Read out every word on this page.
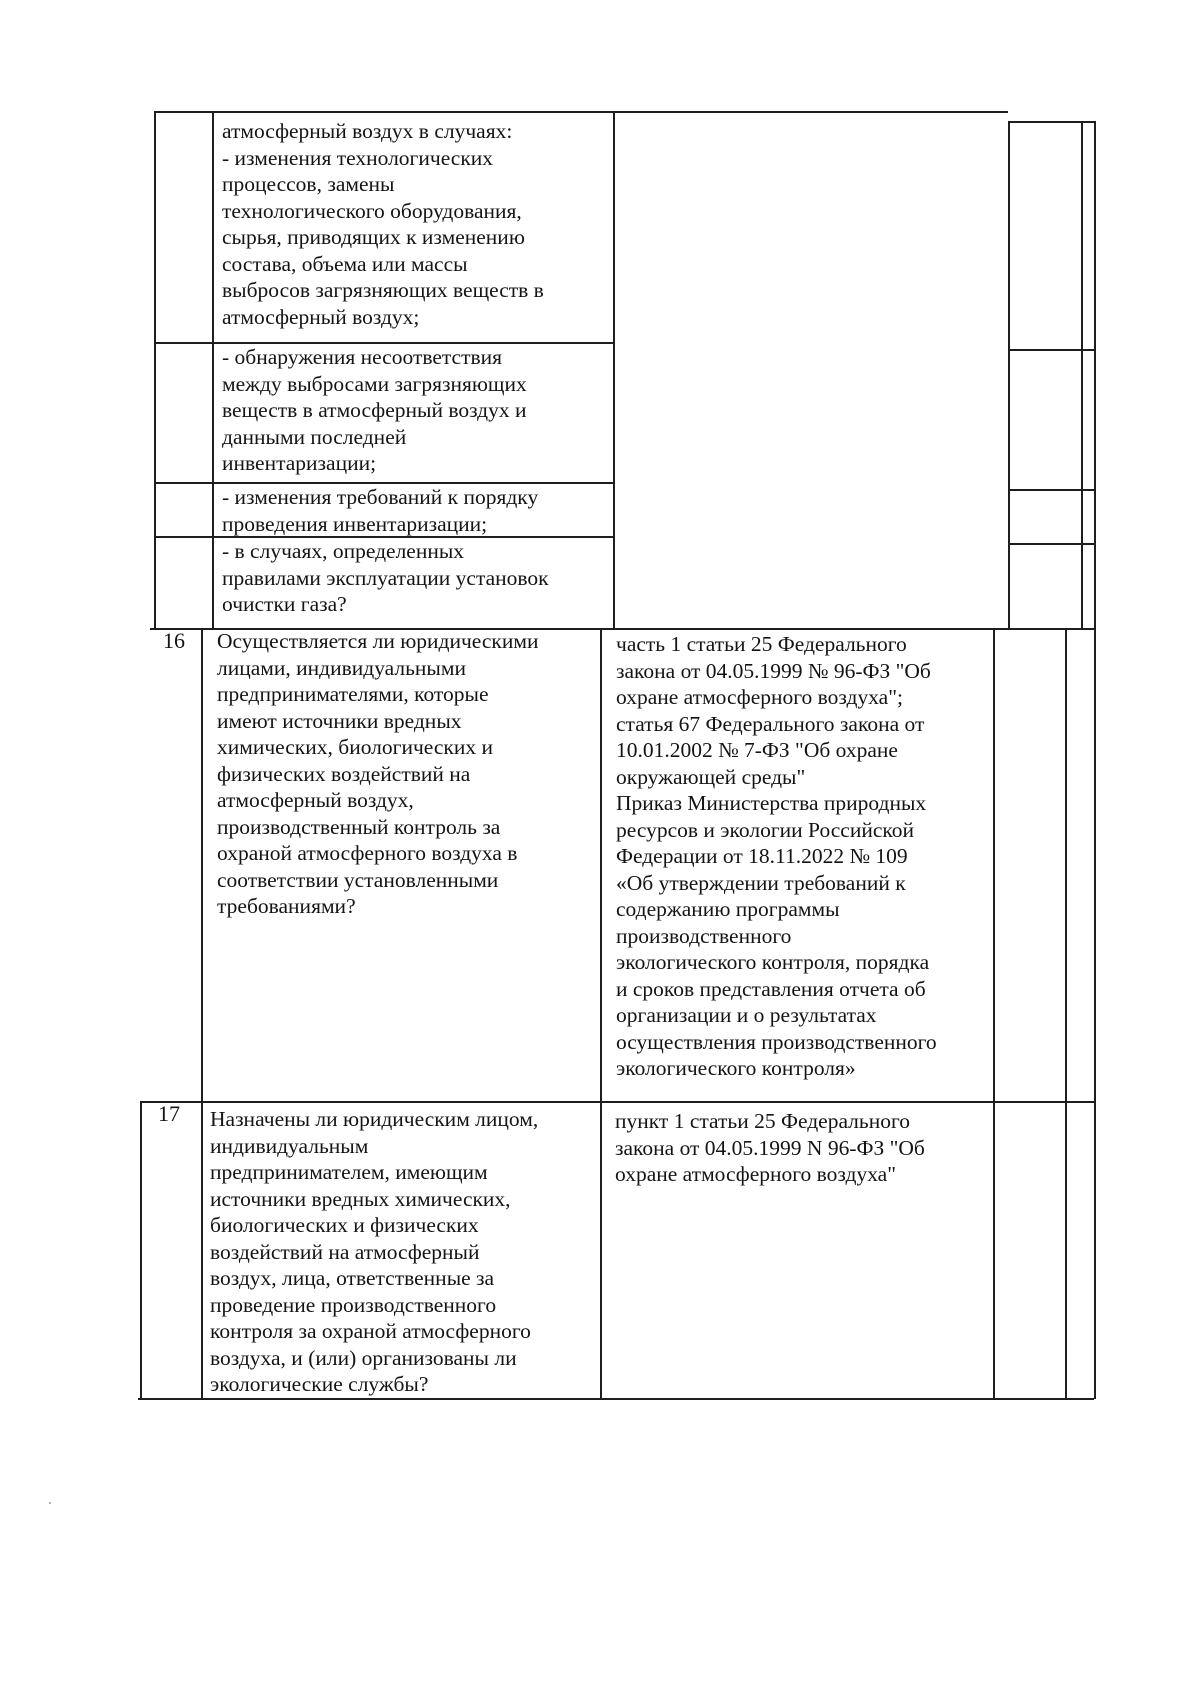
атмосферный воздух в случаях:
- изменения технологических
процессов, замены
технологического оборудования,
сырья, приводящих к изменению
состава, объема или массы
выбросов загрязняющих веществ в
атмосферный воздух;
- обнаружения несоответствия
между выбросами загрязняющих
веществ в атмосферный воздух и
данными последней
инвентаризации;
- изменения требований к порядку
проведения инвентаризации;
- в случаях, определенных
правилами эксплуатации установок
очистки газа?
16	Осуществляется ли юридическими
лицами, индивидуальными
предпринимателями, которые
имеют источники вредных
химических, биологических и
физических воздействий на
атмосферный воздух,
производственный контроль за
охраной атмосферного воздуха в
соответствии установленными
требованиями?
часть 1 статьи 25 Федерального
закона от 04.05.1999 № 96-ФЗ "Об
охране атмосферного воздуха";
статья 67 Федерального закона от
10.01.2002 № 7-ФЗ "Об охране
окружающей среды"
Приказ Министерства природных
ресурсов и экологии Российской
Федерации от 18.11.2022 № 109
«Об утверждении требований к
содержанию программы
производственного
экологического контроля, порядка
и сроков представления отчета об
организации и о результатах
осуществления производственного
экологического контроля»
17	Назначены ли юридическим лицом,
индивидуальным
предпринимателем, имеющим
источники вредных химических,
биологических и физических
воздействий на атмосферный
воздух, лица, ответственные за
проведение производственного
контроля за охраной атмосферного
воздуха, и (или) организованы ли
экологические службы?
пункт 1 статьи 25 Федерального
закона от 04.05.1999 N 96-ФЗ "Об
охране атмосферного воздуха"
